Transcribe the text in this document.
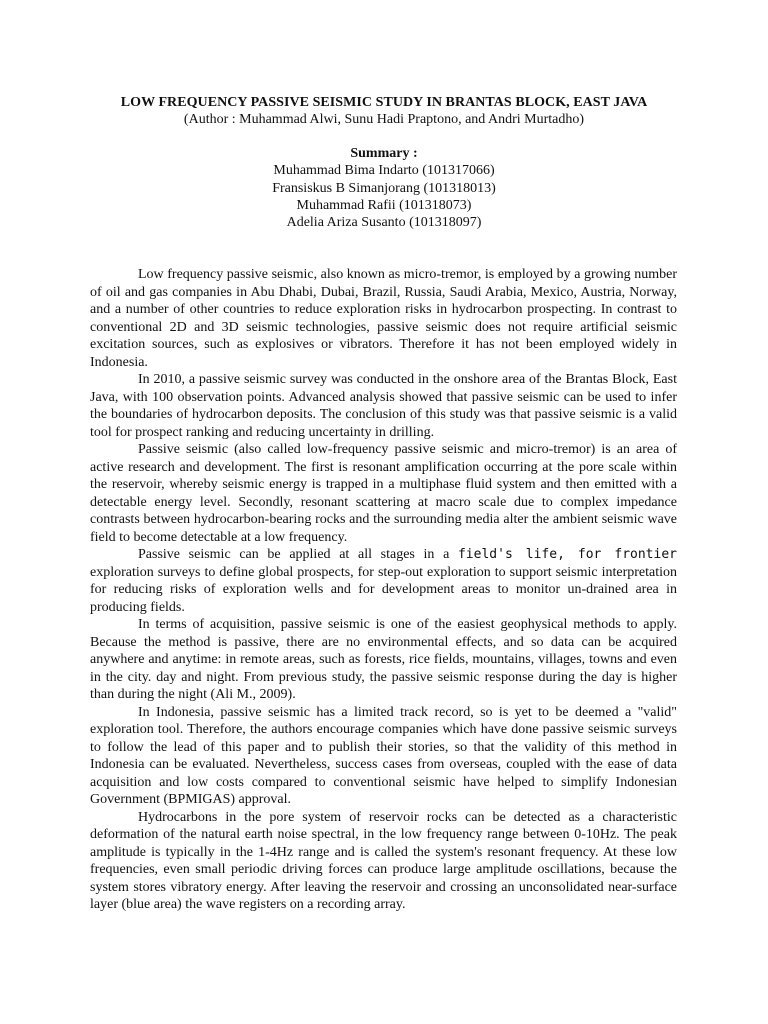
LOW FREQUENCY PASSIVE SEISMIC STUDY IN BRANTAS BLOCK, EAST JAVA
(Author : Muhammad Alwi, Sunu Hadi Praptono, and Andri Murtadho)
Summary :
Muhammad Bima Indarto (101317066)
Fransiskus B Simanjorang (101318013)
Muhammad Rafii (101318073)
Adelia Ariza Susanto (101318097)

Low frequency passive seismic, also known as micro-tremor, is employed by a growing number of oil and gas companies in Abu Dhabi, Dubai, Brazil, Russia, Saudi Arabia, Mexico, Austria, Norway, and a number of other countries to reduce exploration risks in hydrocarbon prospecting. In contrast to conventional 2D and 3D seismic technologies, passive seismic does not require artificial seismic excitation sources, such as explosives or vibrators. Therefore it has not been employed widely in Indonesia.

In 2010, a passive seismic survey was conducted in the onshore area of the Brantas Block, East Java, with 100 observation points. Advanced analysis showed that passive seismic can be used to infer the boundaries of hydrocarbon deposits. The conclusion of this study was that passive seismic is a valid tool for prospect ranking and reducing uncertainty in drilling.

Passive seismic (also called low-frequency passive seismic and micro-tremor) is an area of active research and development. The first is resonant amplification occurring at the pore scale within the reservoir, whereby seismic energy is trapped in a multiphase fluid system and then emitted with a detectable energy level. Secondly, resonant scattering at macro scale due to complex impedance contrasts between hydrocarbon-bearing rocks and the surrounding media alter the ambient seismic wave field to become detectable at a low frequency.

Passive seismic can be applied at all stages in a field's life, for frontier exploration surveys to define global prospects, for step-out exploration to support seismic interpretation for reducing risks of exploration wells and for development areas to monitor un-drained area in producing fields.

In terms of acquisition, passive seismic is one of the easiest geophysical methods to apply. Because the method is passive, there are no environmental effects, and so data can be acquired anywhere and anytime: in remote areas, such as forests, rice fields, mountains, villages, towns and even in the city. day and night. From previous study, the passive seismic response during the day is higher than during the night (Ali M., 2009).

In Indonesia, passive seismic has a limited track record, so is yet to be deemed a "valid" exploration tool. Therefore, the authors encourage companies which have done passive seismic surveys to follow the lead of this paper and to publish their stories, so that the validity of this method in Indonesia can be evaluated. Nevertheless, success cases from overseas, coupled with the ease of data acquisition and low costs compared to conventional seismic have helped to simplify Indonesian Government (BPMIGAS) approval.

Hydrocarbons in the pore system of reservoir rocks can be detected as a characteristic deformation of the natural earth noise spectral, in the low frequency range between 0-10Hz. The peak amplitude is typically in the 1-4Hz range and is called the system's resonant frequency. At these low frequencies, even small periodic driving forces can produce large amplitude oscillations, because the system stores vibratory energy. After leaving the reservoir and crossing an unconsolidated near-surface layer (blue area) the wave registers on a recording array.
